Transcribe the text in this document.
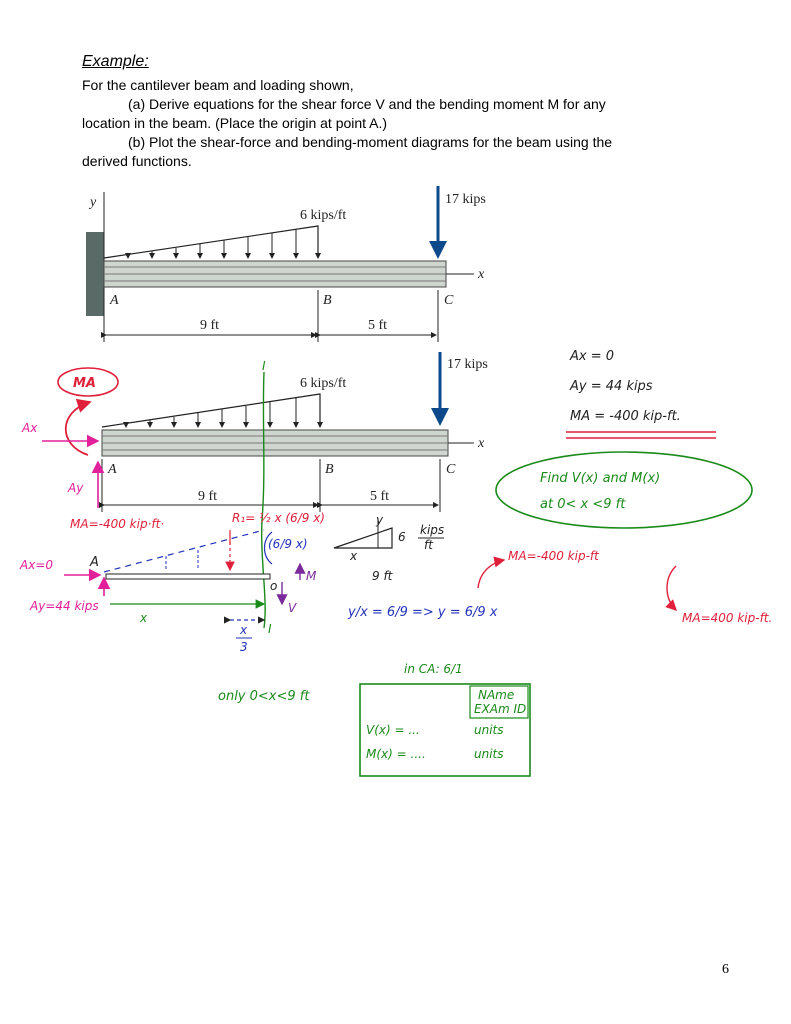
Example:
For the cantilever beam and loading shown,
(a) Derive equations for the shear force V and the bending moment M for any
location in the beam. (Place the origin at point A.)
(b) Plot the shear-force and bending-moment diagrams for the beam using the
derived functions.
y
x
6 kips/ft
17 kips
A	B	C
9 ft	5 ft
x
6 kips/ft
17 kips
A	B	C
9 ft	5 ft
I
MA
Ax
Ay
MA=-400 kip·ft·
Ax=0	A
R₁= ½ x (6/9 x)
(6/9 x)
Ay=44 kips
x
x
3
I
o
M
V
y
6 kips
ft
x
9 ft
y/x = 6/9 => y = 6/9 x
Ax = 0
Ay = 44 kips
MA = -400 kip-ft.
Find V(x) and M(x)
at 0< x <9 ft
MA=-400 kip-ft
MA=400 kip-ft.
only 0<x<9 ft
in CA: 6/1
NAme
EXAm ID
V(x) = ...	units
M(x) = ....	units
6
